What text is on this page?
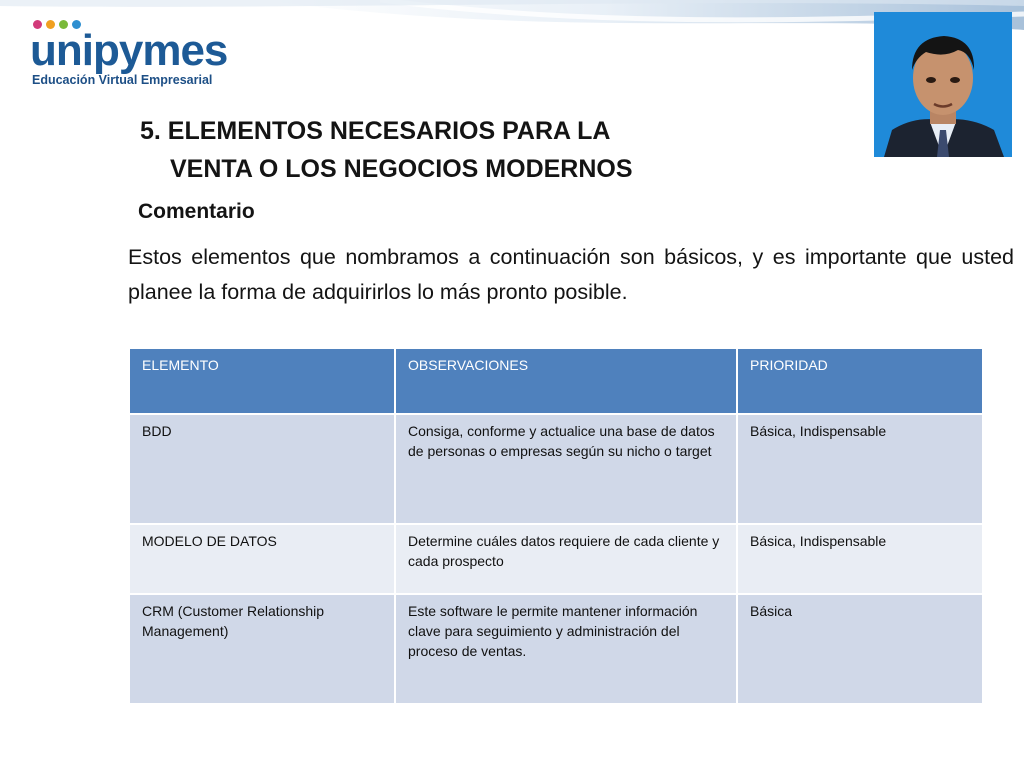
unipymes
Educación Virtual Empresarial
5. ELEMENTOS NECESARIOS PARA LA
VENTA O LOS NEGOCIOS MODERNOS
Comentario
Estos elementos que nombramos a continuación son básicos, y es importante que usted planee la forma de adquirirlos lo más pronto posible.
ELEMENTO	OBSERVACIONES	PRIORIDAD
BDD	Consiga, conforme y actualice una base de datos de personas o empresas según su nicho o target	Básica, Indispensable
MODELO DE DATOS	Determine cuáles datos requiere de cada cliente y cada prospecto	Básica, Indispensable
CRM (Customer Relationship Management)	Este software le permite mantener información clave para seguimiento y administración del proceso de ventas.	Básica
